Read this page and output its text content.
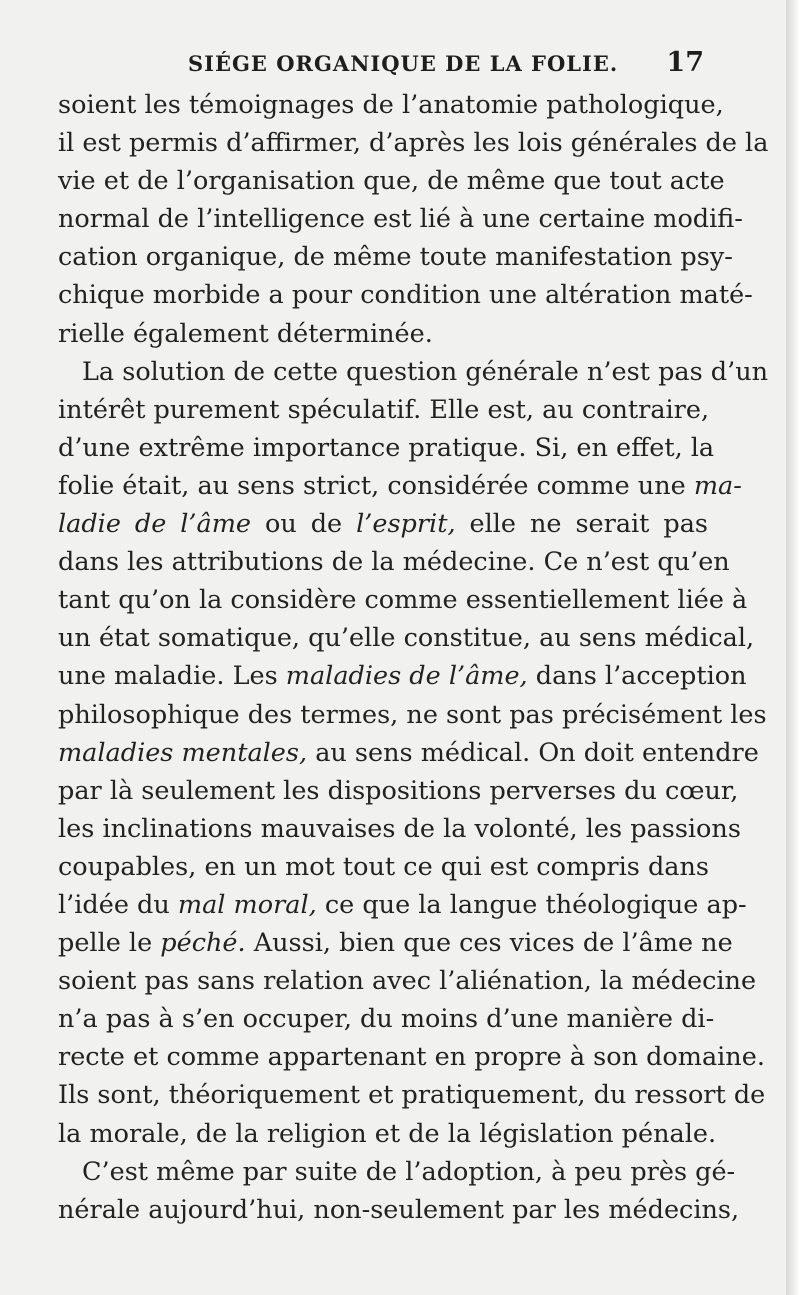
SIÉGE ORGANIQUE DE LA FOLIE. 17
soient les témoignages de l’anatomie pathologique,
il est permis d’affirmer, d’après les lois générales de la
vie et de l’organisation que, de même que tout acte
normal de l’intelligence est lié à une certaine modifi-
cation organique, de même toute manifestation psy-
chique morbide a pour condition une altération maté-
rielle également déterminée.
La solution de cette question générale n’est pas d’un
intérêt purement spéculatif. Elle est, au contraire,
d’une extrême importance pratique. Si, en effet, la
folie était, au sens strict, considérée comme une ma-
ladie de l’âme ou de l’esprit, elle ne serait pas
dans les attributions de la médecine. Ce n’est qu’en
tant qu’on la considère comme essentiellement liée à
un état somatique, qu’elle constitue, au sens médical,
une maladie. Les maladies de l’âme, dans l’acception
philosophique des termes, ne sont pas précisément les
maladies mentales, au sens médical. On doit entendre
par là seulement les dispositions perverses du cœur,
les inclinations mauvaises de la volonté, les passions
coupables, en un mot tout ce qui est compris dans
l’idée du mal moral, ce que la langue théologique ap-
pelle le péché. Aussi, bien que ces vices de l’âme ne
soient pas sans relation avec l’aliénation, la médecine
n’a pas à s’en occuper, du moins d’une manière di-
recte et comme appartenant en propre à son domaine.
Ils sont, théoriquement et pratiquement, du ressort de
la morale, de la religion et de la législation pénale.
C’est même par suite de l’adoption, à peu près gé-
nérale aujourd’hui, non-seulement par les médecins,
